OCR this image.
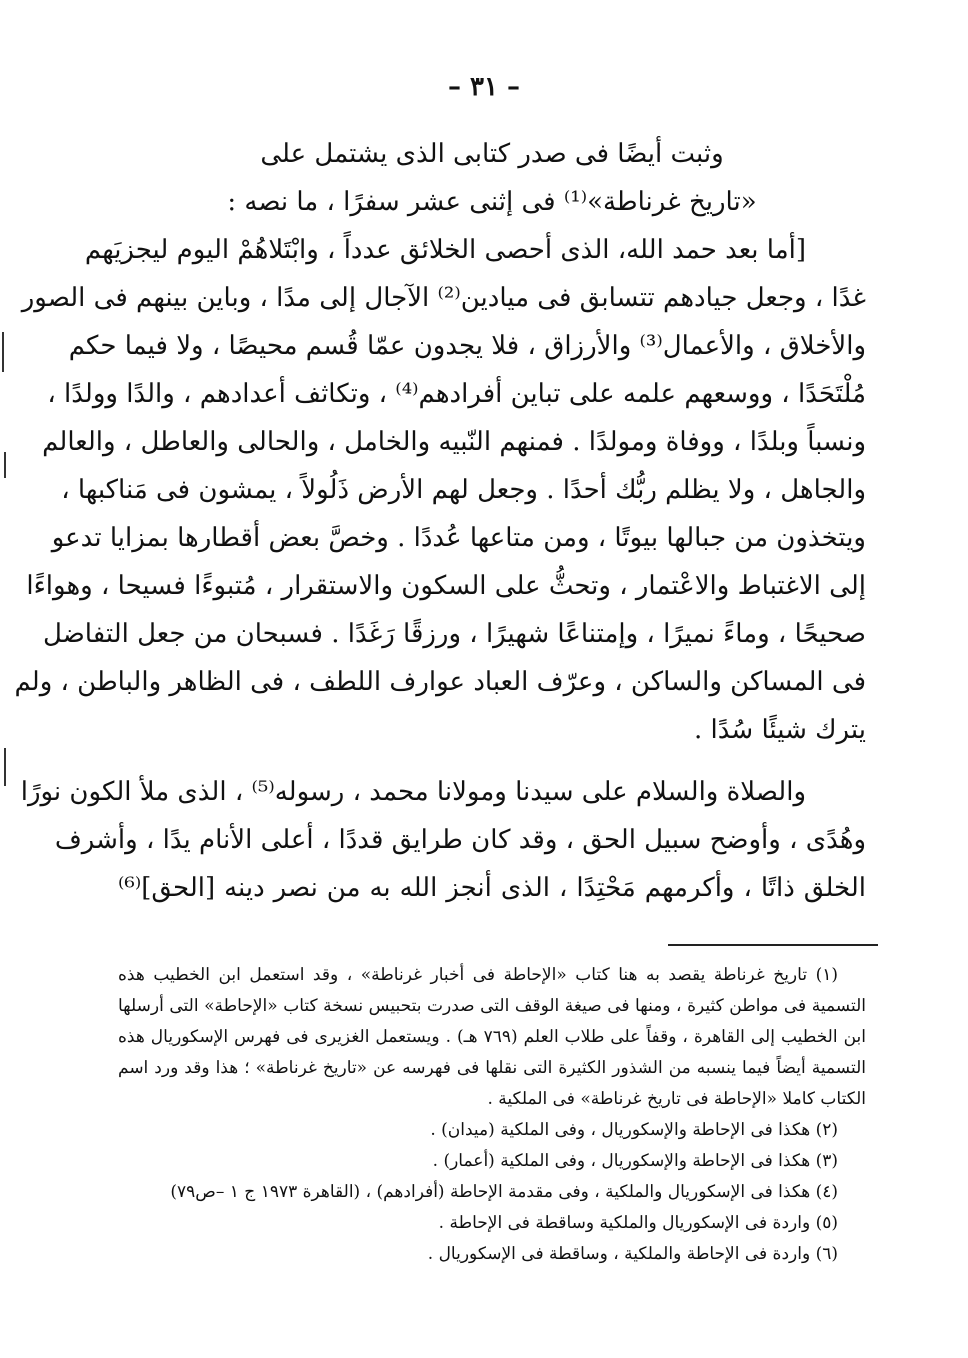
– ٣١ –
وثبت أيضًا فى صدر كتابى الذى يشتمل على
«تاريخ غرناطة»⁽¹⁾ فى إثنى عشر سفرًا ، ما نصه :
[أما بعد حمد الله، الذى أحصى الخلائق عدداً ، وابْتَلاهُمْ اليوم ليجزيَهم
غدًا ، وجعل جيادهم تتسابق فى ميادين⁽²⁾ الآجال إلى مدًا ، وباين بينهم فى الصور
والأخلاق ، والأعمال⁽³⁾ والأرزاق ، فلا يجدون عمّا قُسم محيصًا ، ولا فيما حكم
مُلْتَحَدًا ، ووسعهم علمه على تباين أفرادهم⁽⁴⁾ ، وتكاثف أعدادهم ، والدًا وولدًا ،
ونسباً وبلدًا ، ووفاة ومولدًا . فمنهم النّبيه والخامل ، والحالى والعاطل ، والعالم
والجاهل ، ولا يظلم ربُّك أحدًا . وجعل لهم الأرض ذَلُولاً ، يمشون فى مَناكبها ،
ويتخذون من جبالها بيوتًا ، ومن متاعها عُددًا . وخصَّ بعض أقطارها بمزايا تدعو
إلى الاغتباط والاعْتمار ، وتحثُّ على السكون والاستقرار ، مُتبوءًا فسيحا ، وهواءًا
صحيحًا ، وماءً نميرًا ، وإمتناعًا شهيرًا ، ورزقًا رَغَدًا . فسبحان من جعل التفاضل
فى المساكن والساكن ، وعرّف العباد عوارف اللطف ، فى الظاهر والباطن ، ولم
يترك شيئًا سُدًا .
والصلاة والسلام على سيدنا ومولانا محمد ، رسوله⁽⁵⁾ ، الذى ملأ الكون نورًا
وهُدًى ، وأوضح سبيل الحق ، وقد كان طرايق قددًا ، أعلى الأنام يدًا ، وأشرف
الخلق ذاتًا ، وأكرمهم مَحْتِدًا ، الذى أنجز الله به من نصر دينه [الحق]⁽⁶⁾
(١) تاريخ غرناطة يقصد به هنا كتاب «الإحاطة فى أخبار غرناطة» ، وقد استعمل ابن الخطيب هذه
التسمية فى مواطن كثيرة ، ومنها فى صيغة الوقف التى صدرت بتحبيس نسخة كتاب «الإحاطة» التى أرسلها
ابن الخطيب إلى القاهرة ، وقفاً على طلاب العلم (٧٦٩ هـ) . ويستعمل الغزيرى فى فهرس الإسكوريال هذه
التسمية أيضاً فيما ينسبه من الشذور الكثيرة التى نقلها فى فهرسه عن «تاريخ غرناطة» ؛ هذا وقد ورد اسم
الكتاب كاملا «الإحاطة فى تاريخ غرناطة» فى الملكية .
(٢) هكذا فى الإحاطة والإسكوريال ، وفى الملكية (ميدان) .
(٣) هكذا فى الإحاطة والإسكوريال ، وفى الملكية (أعمار) .
(٤) هكذا فى الإسكوريال والملكية ، وفى مقدمة الإحاطة (أفرادهم) ، (القاهرة ١٩٧٣ ج ١ –ص٧٩)
(٥) واردة فى الإسكوريال والملكية وساقطة فى الإحاطة .
(٦) واردة فى الإحاطة والملكية ، وساقطة فى الإسكوريال .
